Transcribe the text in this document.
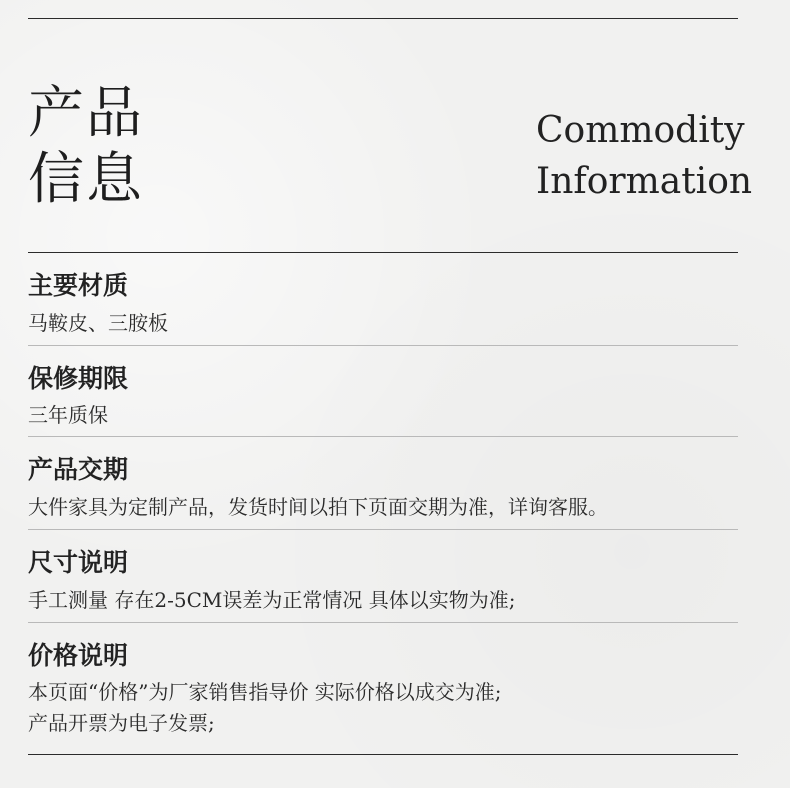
产品
信息
Commodity
Information
主要材质
马鞍皮、三胺板
保修期限
三年质保
产品交期
大件家具为定制产品，发货时间以拍下页面交期为准，详询客服。
尺寸说明
手工测量 存在2-5CM误差为正常情况 具体以实物为准;
价格说明
本页面“价格”为厂家销售指导价 实际价格以成交为准;
产品开票为电子发票;
